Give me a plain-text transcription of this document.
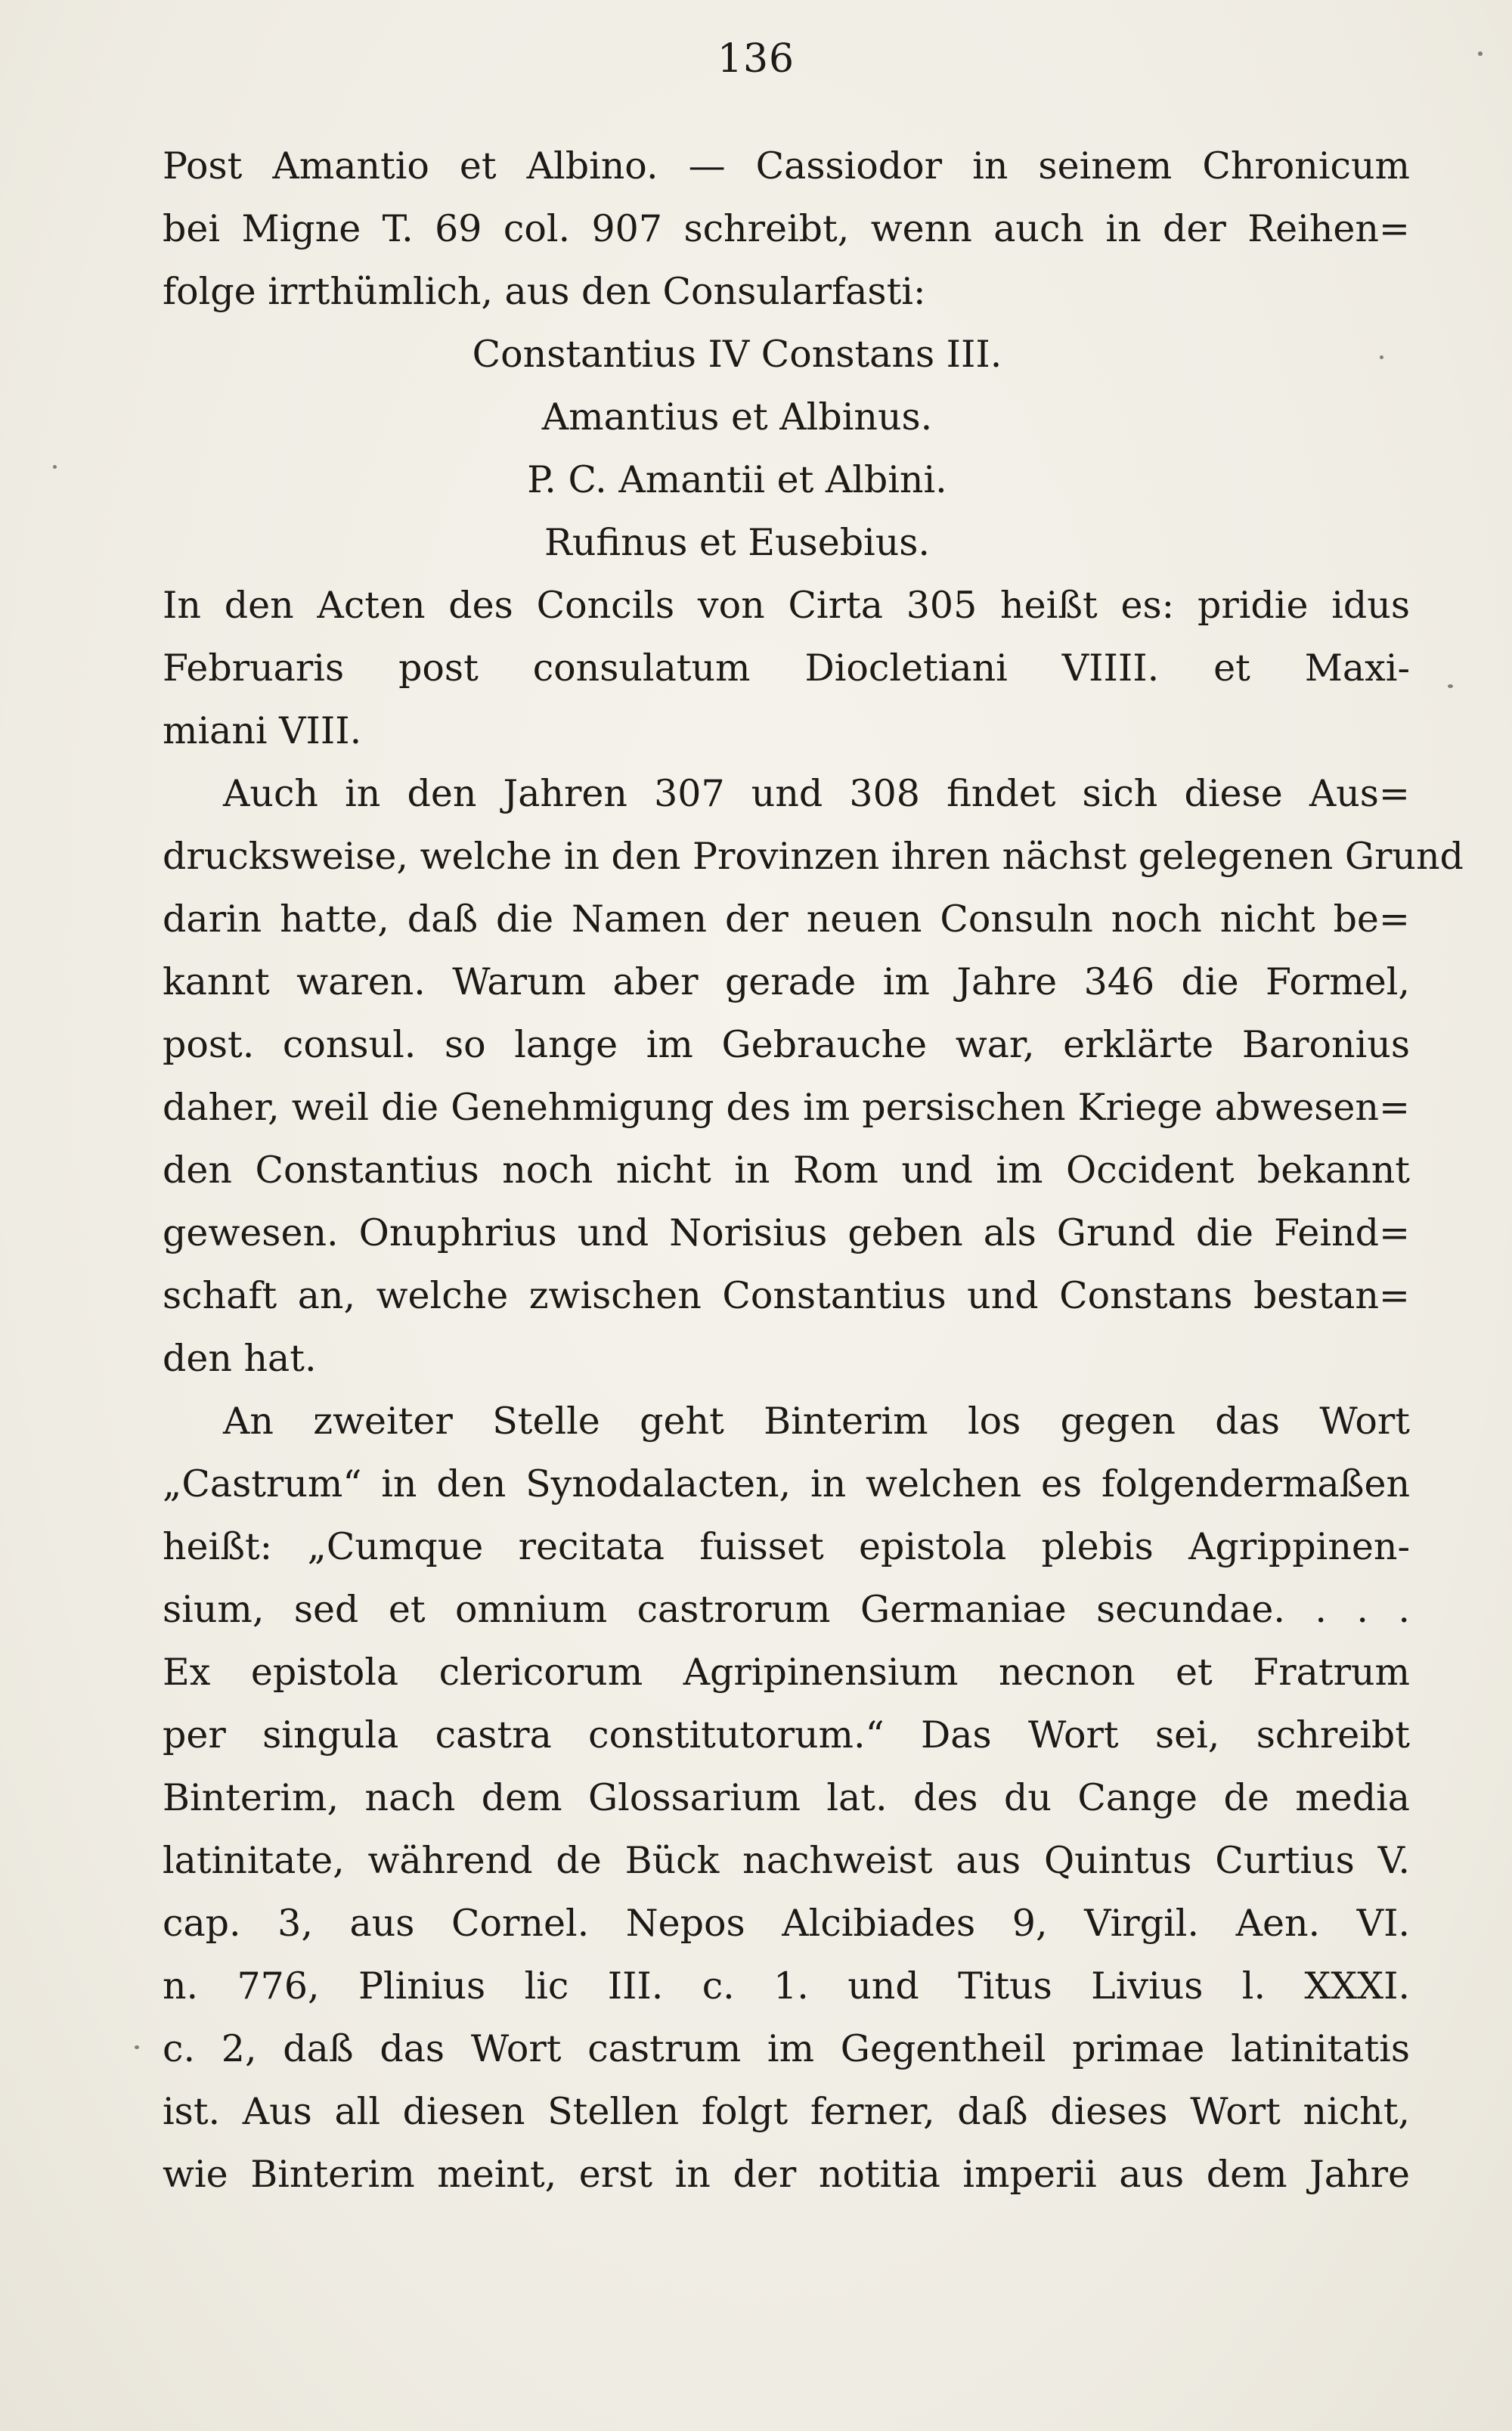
136
Post Amantio et Albino. — Cassiodor in seinem Chronicum
bei Migne T. 69 col. 907 schreibt, wenn auch in der Reihen=
folge irrthümlich, aus den Consularfasti:
Constantius IV Constans III.
Amantius et Albinus.
P. C. Amantii et Albini.
Rufinus et Eusebius.
In den Acten des Concils von Cirta 305 heißt es: pridie idus
Februaris post consulatum Diocletiani VIIII. et Maxi-
miani VIII.
Auch in den Jahren 307 und 308 findet sich diese Aus=
drucksweise, welche in den Provinzen ihren nächst gelegenen Grund
darin hatte, daß die Namen der neuen Consuln noch nicht be=
kannt waren. Warum aber gerade im Jahre 346 die Formel,
post. consul. so lange im Gebrauche war, erklärte Baronius
daher, weil die Genehmigung des im persischen Kriege abwesen=
den Constantius noch nicht in Rom und im Occident bekannt
gewesen. Onuphrius und Norisius geben als Grund die Feind=
schaft an, welche zwischen Constantius und Constans bestan=
den hat.
An zweiter Stelle geht Binterim los gegen das Wort
„Castrum“ in den Synodalacten, in welchen es folgendermaßen
heißt: „Cumque recitata fuisset epistola plebis Agrippinen-
sium, sed et omnium castrorum Germaniae secundae. . . .
Ex epistola clericorum Agripinensium necnon et Fratrum
per singula castra constitutorum.“ Das Wort sei, schreibt
Binterim, nach dem Glossarium lat. des du Cange de media
latinitate, während de Bück nachweist aus Quintus Curtius V.
cap. 3, aus Cornel. Nepos Alcibiades 9, Virgil. Aen. VI.
n. 776, Plinius lic III. c. 1. und Titus Livius l. XXXI.
c. 2, daß das Wort castrum im Gegentheil primae latinitatis
ist. Aus all diesen Stellen folgt ferner, daß dieses Wort nicht,
wie Binterim meint, erst in der notitia imperii aus dem Jahre
